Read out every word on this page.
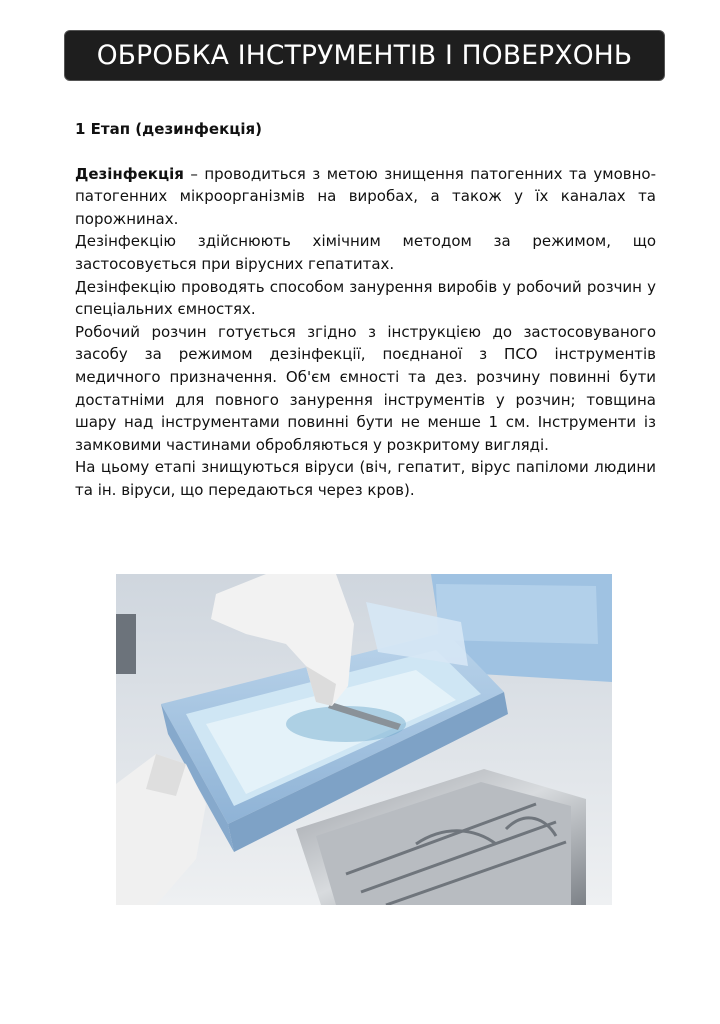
ОБРОБКА ІНСТРУМЕНТІВ І ПОВЕРХОНЬ

1 Етап (дезинфекція)

Дезінфекція – проводиться з метою знищення патогенних та умовно-патогенних мікроорганізмів на виробах, а також у їх каналах та порожнинах.

Дезінфекцію здійснюють хімічним методом за режимом, що застосовується при вірусних гепатитах.

Дезінфекцію проводять способом занурення виробів у робочий розчин у спеціальних ємностях.

Робочий розчин готується згідно з інструкцією до застосовуваного засобу за режимом дезінфекції, поєднаної з ПСО інструментів медичного призначення. Об'єм ємності та дез. розчину повинні бути достатніми для повного занурення інструментів у розчин; товщина шару над інструментами повинні бути не менше 1 см. Інструменти із замковими частинами обробляються у розкритому вигляді.

На цьому етапі знищуються віруси (віч, гепатит, вірус папіломи людини та ін. віруси, що передаються через кров).
